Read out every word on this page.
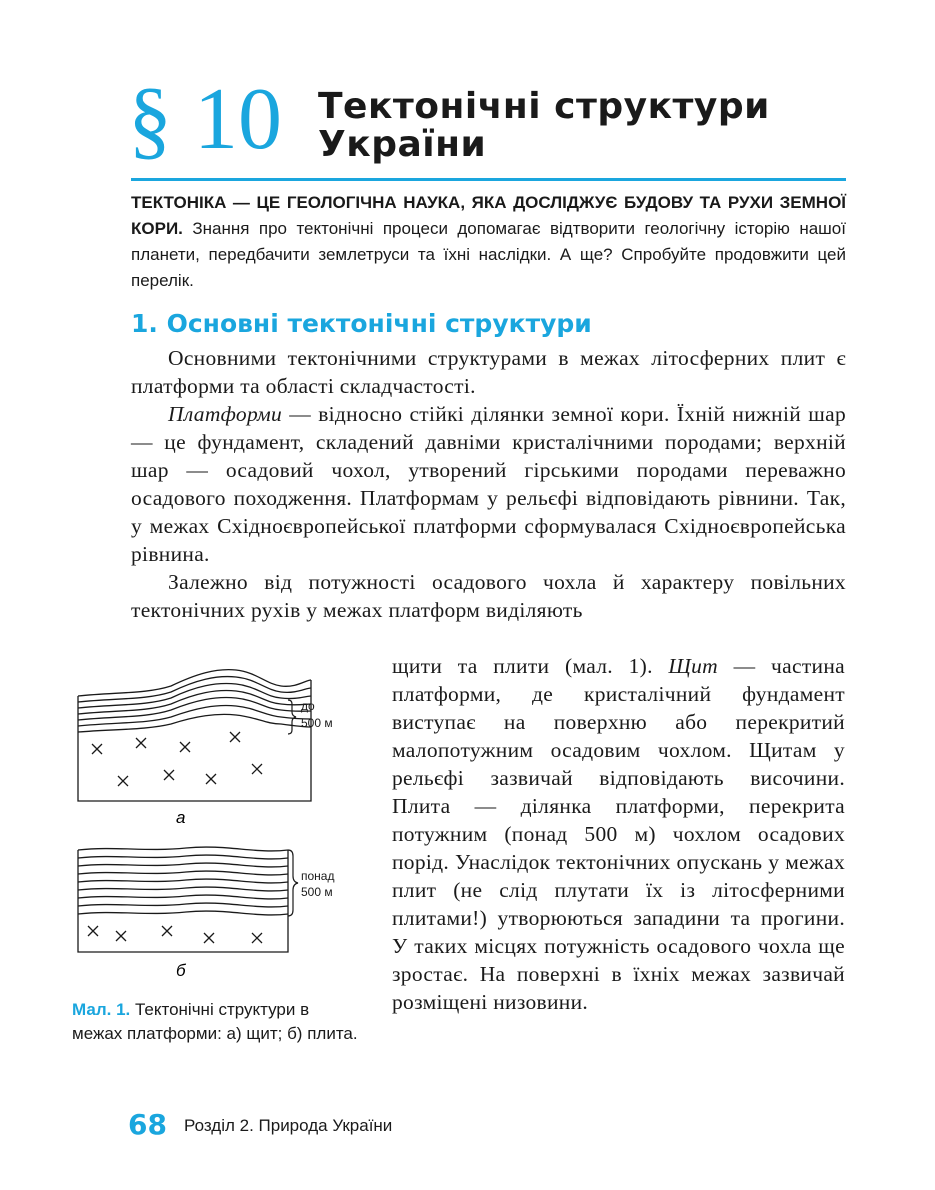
§ 10 Тектонічні структури
України
ТЕКТОНІКА — ЦЕ ГЕОЛОГІЧНА НАУКА, ЯКА ДОСЛІДЖУЄ БУДОВУ ТА РУХИ ЗЕМНОЇ КОРИ. Знання про тектонічні процеси допомагає відтворити геологічну історію нашої планети, передбачити землетруси та їхні наслідки. А ще? Спробуйте продовжити цей перелік.
1. Основні тектонічні структури

Основними тектонічними структурами в межах літосферних плит є платформи та області складчастості.

Платформи — відносно стійкі ділянки земної кори. Їхній нижній шар — це фундамент, складений давніми кристалічними породами; верхній шар — осадовий чохол, утворений гірськими породами переважно осадового походження. Платформам у рельєфі відповідають рівнини. Так, у межах Східноєвропейської платформи сформувалася Східноєвропейська рівнина.

Залежно від потужності осадового чохла й характеру повільних тектонічних рухів у межах платформ виділяють

щити та плити (мал. 1). Щит — частина платформи, де кристалічний фундамент виступає на поверхню або перекритий малопотужним осадовим чохлом. Щитам у рельєфі зазвичай відповідають височини. Плита — ділянка платформи, перекрита потужним (понад 500 м) чохлом осадових порід. Унаслідок тектонічних опускань у межах плит (не слід плутати їх із літосферними плитами!) утворюються западини та прогини. У таких місцях потужність осадового чохла ще зростає. На поверхні в їхніх межах зазвичай розміщені низовини.
до
500 м
а
понад
500 м
б
Мал. 1. Тектонічні структури в межах платформи: а) щит; б) плита.
68 Розділ 2. Природа України
